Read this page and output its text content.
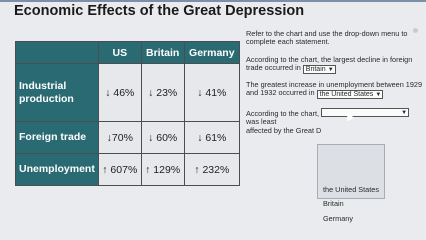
Economic Effects of the Great Depression
	US	Britain	Germany
Industrial
production	↓ 46%	↓ 23%	↓ 41%
Foreign trade	↓70%	↓ 60%	↓ 61%
Unemployment	↑ 607%	↑ 129%	↑ 232%
Refer to the chart and use the drop-down menu to complete each statement.
According to the chart, the largest decline in foreign trade occurred in Britain ▼
The greatest increase in unemployment between 1929 and 1932 occurred in the United States ▼
According to the chart,	▼
was least
affected by the Great D
the United States
Britain
Germany
